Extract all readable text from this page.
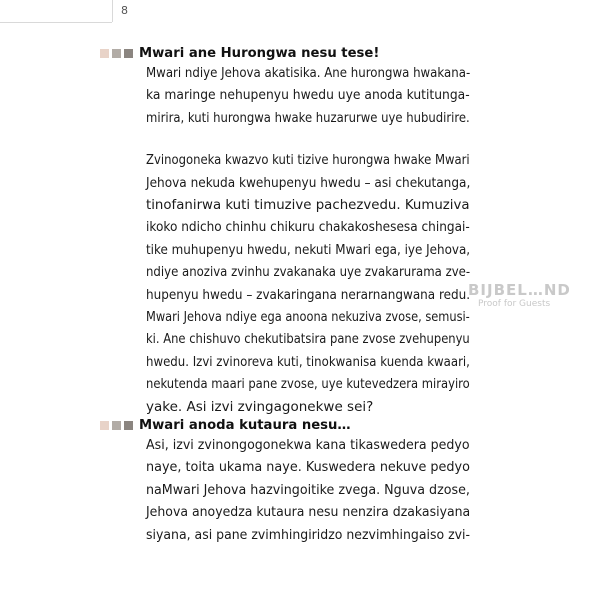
8
Mwari ane Hurongwa nesu tese!
Mwari ndiye Jehova akatisika. Ane hurongwa hwakana-
ka maringe nehupenyu hwedu uye anoda kutitunga-
mirira, kuti hurongwa hwake huzarurwe uye hubudirire.
Zvinogoneka kwazvo kuti tizive hurongwa hwake Mwari
Jehova nekuda kwehupenyu hwedu – asi chekutanga,
tinofanirwa kuti timuzive pachezvedu. Kumuziva
ikoko ndicho chinhu chikuru chakakoshesesa chingai-
tike muhupenyu hwedu, nekuti Mwari ega, iye Jehova,
ndiye anoziva zvinhu zvakanaka uye zvakarurama zve-
hupenyu hwedu – zvakaringana nerarnangwana redu.
Mwari Jehova ndiye ega anoona nekuziva zvose, semusi-
ki. Ane chishuvo chekutibatsira pane zvose zvehupenyu
hwedu. Izvi zvinoreva kuti, tinokwanisa kuenda kwaari,
nekutenda maari pane zvose, uye kutevedzera mirayiro
yake. Asi izvi zvingagonekwe sei?
Mwari anoda kutaura nesu…
Asi, izvi zvinongogonekwa kana tikaswedera pedyo
naye, toita ukama naye. Kuswedera nekuve pedyo
naMwari Jehova hazvingoitike zvega. Nguva dzose,
Jehova anoyedza kutaura nesu nenzira dzakasiyana
siyana, asi pane zvimhingiridzo nezvimhingaiso zvi-
BIJBEL…ND
Proof for Guests
